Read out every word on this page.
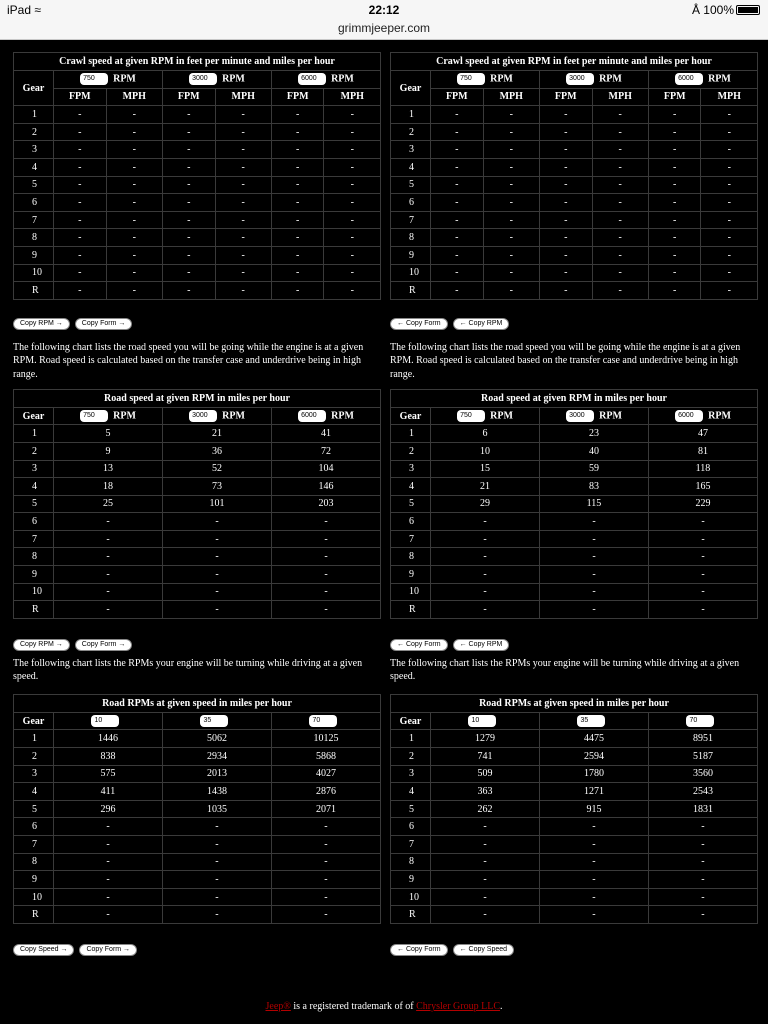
iPad ≈	22:12	Å 100%
grimmjeeper.com
Crawl speed at given RPM in feet per minute and miles per hour						
Gear	750 RPM		3000 RPM		6000 RPM	
	FPM	MPH	FPM	MPH	FPM	MPH
1	-	-	-	-	-	-
2	-	-	-	-	-	-
3	-	-	-	-	-	-
4	-	-	-	-	-	-
5	-	-	-	-	-	-
6	-	-	-	-	-	-
7	-	-	-	-	-	-
8	-	-	-	-	-	-
9	-	-	-	-	-	-
10	-	-	-	-	-	-
R	-	-	-	-	-	-
Copy RPM →	Copy Form →

The following chart lists the road speed you will be going while the engine is at a given RPM. Road speed is calculated based on the transfer case and underdrive being in high range.

Road speed at given RPM in miles per hour			
Gear	750 RPM	3000 RPM	6000 RPM
1	5	21	41
2	9	36	72
3	13	52	104
4	18	73	146
5	25	101	203
6	-	-	-
7	-	-	-
8	-	-	-
9	-	-	-
10	-	-	-
R	-	-	-
Copy RPM →	Copy Form →

The following chart lists the RPMs your engine will be turning while driving at a given speed.

Road RPMs at given speed in miles per hour			
Gear	10	35	70
1	1446	5062	10125
2	838	2934	5868
3	575	2013	4027
4	411	1438	2876
5	296	1035	2071
6	-	-	-
7	-	-	-
8	-	-	-
9	-	-	-
10	-	-	-
R	-	-	-
Copy Speed →	Copy Form →
Crawl speed at given RPM in feet per minute and miles per hour						
Gear	750 RPM		3000 RPM		6000 RPM	
	FPM	MPH	FPM	MPH	FPM	MPH
1	-	-	-	-	-	-
2	-	-	-	-	-	-
3	-	-	-	-	-	-
4	-	-	-	-	-	-
5	-	-	-	-	-	-
6	-	-	-	-	-	-
7	-	-	-	-	-	-
8	-	-	-	-	-	-
9	-	-	-	-	-	-
10	-	-	-	-	-	-
R	-	-	-	-	-	-
← Copy Form	← Copy RPM

The following chart lists the road speed you will be going while the engine is at a given RPM. Road speed is calculated based on the transfer case and underdrive being in high range.

Road speed at given RPM in miles per hour			
Gear	750 RPM	3000 RPM	6000 RPM
1	6	23	47
2	10	40	81
3	15	59	118
4	21	83	165
5	29	115	229
6	-	-	-
7	-	-	-
8	-	-	-
9	-	-	-
10	-	-	-
R	-	-	-
← Copy Form	← Copy RPM

The following chart lists the RPMs your engine will be turning while driving at a given speed.

Road RPMs at given speed in miles per hour			
Gear	10	35	70
1	1279	4475	8951
2	741	2594	5187
3	509	1780	3560
4	363	1271	2543
5	262	915	1831
6	-	-	-
7	-	-	-
8	-	-	-
9	-	-	-
10	-	-	-
R	-	-	-
← Copy Form	← Copy Speed
Jeep® is a registered trademark of of Chrysler Group LLC.
